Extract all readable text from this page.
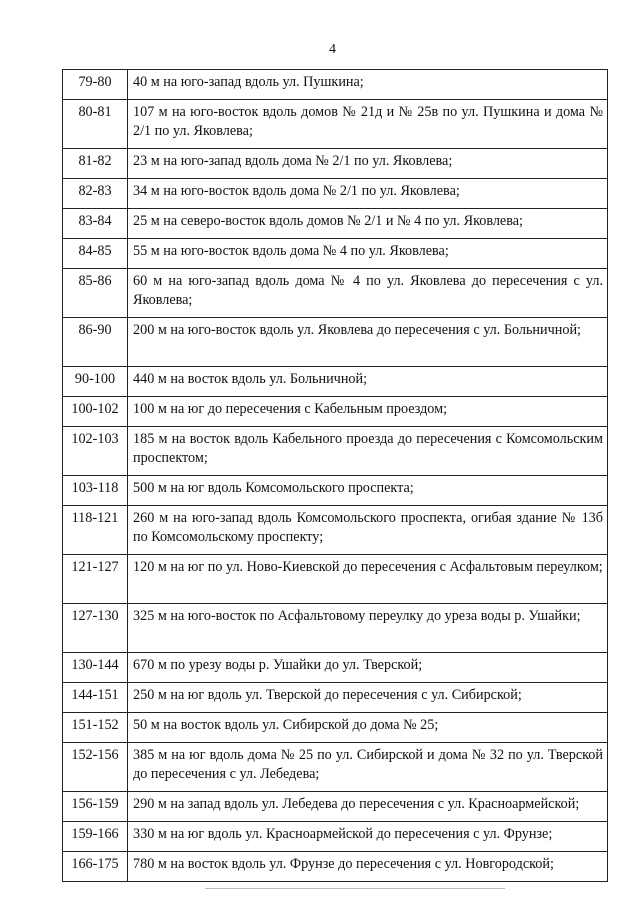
4
79-80	40 м на юго-запад вдоль ул. Пушкина;
80-81	107 м на юго-восток вдоль домов № 21д и № 25в по ул. Пушкина и дома № 2/1 по ул. Яковлева;
81-82	23 м на юго-запад вдоль дома № 2/1 по ул. Яковлева;
82-83	34 м на юго-восток вдоль дома № 2/1 по ул. Яковлева;
83-84	25 м на северо-восток вдоль домов № 2/1 и № 4 по ул. Яковлева;
84-85	55 м на юго-восток вдоль дома № 4 по ул. Яковлева;
85-86	60 м на юго-запад вдоль дома № 4 по ул. Яковлева до пересечения с ул. Яковлева;
86-90	200 м на юго-восток вдоль ул. Яковлева до пересечения с ул. Больничной;
90-100	440 м на восток вдоль ул. Больничной;
100-102	100 м на юг до пересечения с Кабельным проездом;
102-103	185 м на восток вдоль Кабельного проезда до пересечения с Комсомольским проспектом;
103-118	500 м на юг вдоль Комсомольского проспекта;
118-121	260 м на юго-запад вдоль Комсомольского проспекта, огибая здание № 13б по Комсомольскому проспекту;
121-127	120 м на юг по ул. Ново-Киевской до пересечения с Асфальтовым переулком;
127-130	325 м на юго-восток по Асфальтовому переулку до уреза воды р. Ушайки;
130-144	670 м по урезу воды р. Ушайки до ул. Тверской;
144-151	250 м на юг вдоль ул. Тверской до пересечения с ул. Сибирской;
151-152	50 м на восток вдоль ул. Сибирской до дома № 25;
152-156	385 м на юг вдоль дома № 25 по ул. Сибирской и дома № 32 по ул. Тверской до пересечения с ул. Лебедева;
156-159	290 м на запад вдоль ул. Лебедева до пересечения с ул. Красноармейской;
159-166	330 м на юг вдоль ул. Красноармейской до пересечения с ул. Фрунзе;
166-175	780 м на восток вдоль ул. Фрунзе до пересечения с ул. Новгородской;
